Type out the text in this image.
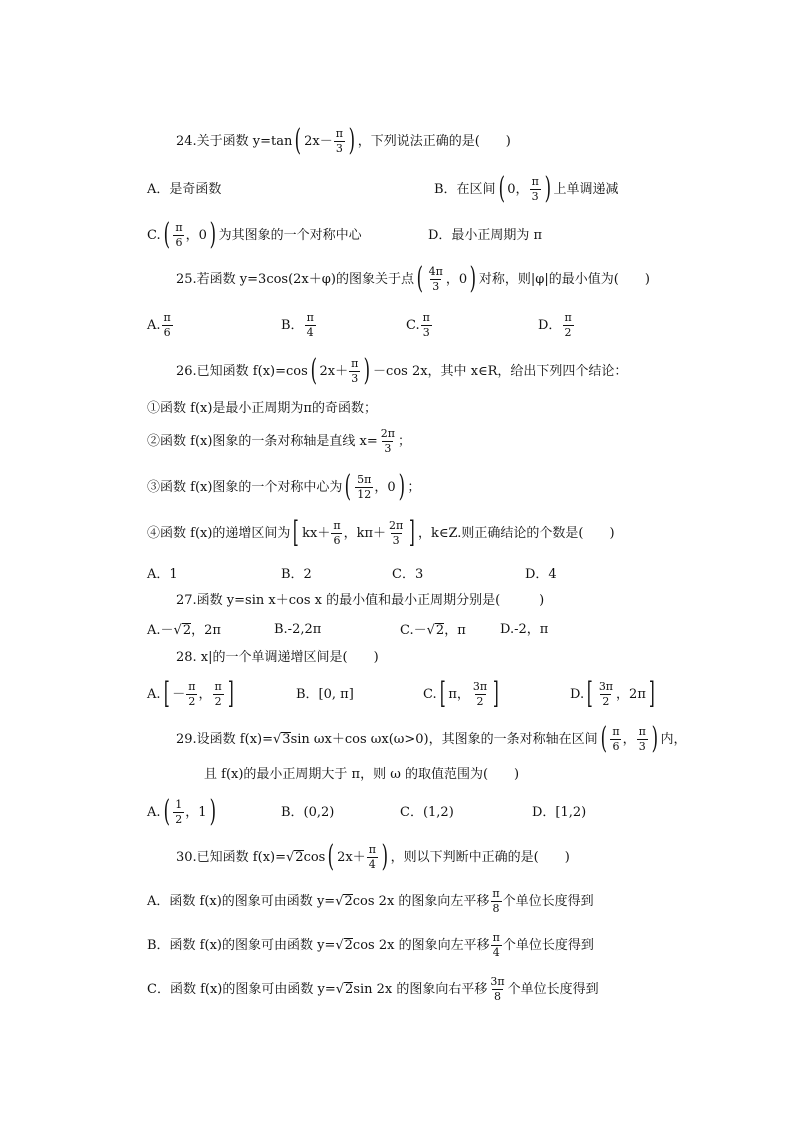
24.关于函数 y=tan ( $2x- \frac{\pi}{3}$ ) ，下列说法正确的是(　　)
A．是奇函数	B．在区间 ( 0， $\frac{\pi}{3}$ ) 上单调递减
C. ( $\frac{\pi}{6}$ ，0 ) 为其图象的一个对称中心	D．最小正周期为 π
25.若函数 y=3cos(2x＋φ)的图象关于点 ( $\frac{4\pi}{3}$ ，0 ) 对称，则|φ|的最小值为(　　)
A. $\frac{\pi}{6}$	B． $\frac{\pi}{4}$	C. $\frac{\pi}{3}$	D． $\frac{\pi}{2}$
26.已知函数 f(x)=cos ( $2x+ \frac{\pi}{3}$ ) －cos 2x，其中 x∈R，给出下列四个结论：
①函数 f(x)是最小正周期为π的奇函数；
②函数 f(x)图象的一条对称轴是直线 $x= \frac{2\pi}{3}$ ；
③函数 f(x)图象的一个对称中心为 ( $\frac{5\pi}{12}$ ，0 ) ；
④函数 f(x)的递增区间为 [ $kx+ \frac{\pi}{6}$ ，$k\pi+ \frac{2\pi}{3}$ ] ，k∈Z.则正确结论的个数是(　　)
A．1	B．2	C．3	D．4
27.函数 y=sin x＋cos x 的最小值和最小正周期分别是(　　　)
A.－ √ 2 ，2π	B.-2,2π	C.－ √ 2 ，π	D.-2，π
28. x|的一个单调递增区间是(　　)
A. [ － $\frac{\pi}{2}$ ， $\frac{\pi}{2}$ ]	B．[0, π]	C. [ π， $\frac{3\pi}{2}$ ]	D. [ $\frac{3\pi}{2}$ ，2π ]
29.设函数 f(x)= √ 3 sin ωx＋cos ωx(ω>0)，其图象的一条对称轴在区间 ( $\frac{\pi}{6}$ ， $\frac{\pi}{3}$ ) 内，
且 f(x)的最小正周期大于 π，则 ω 的取值范围为(　　)
A. ( $\frac{1}{2}$ ，1 )	B．(0,2)	C．(1,2)	D．[1,2)
30.已知函数 f(x)= √ 2 cos ( $2x+ \frac{\pi}{4}$ ) ，则以下判断中正确的是(　　)
A．函数 f(x)的图象可由函数 y= √ 2 cos 2x 的图象向左平移 $\frac{\pi}{8}$ 个单位长度得到
B．函数 f(x)的图象可由函数 y= √ 2 cos 2x 的图象向左平移 $\frac{\pi}{4}$ 个单位长度得到
C．函数 f(x)的图象可由函数 y= √ 2 sin 2x 的图象向右平移 $\frac{3\pi}{8}$ 个单位长度得到
